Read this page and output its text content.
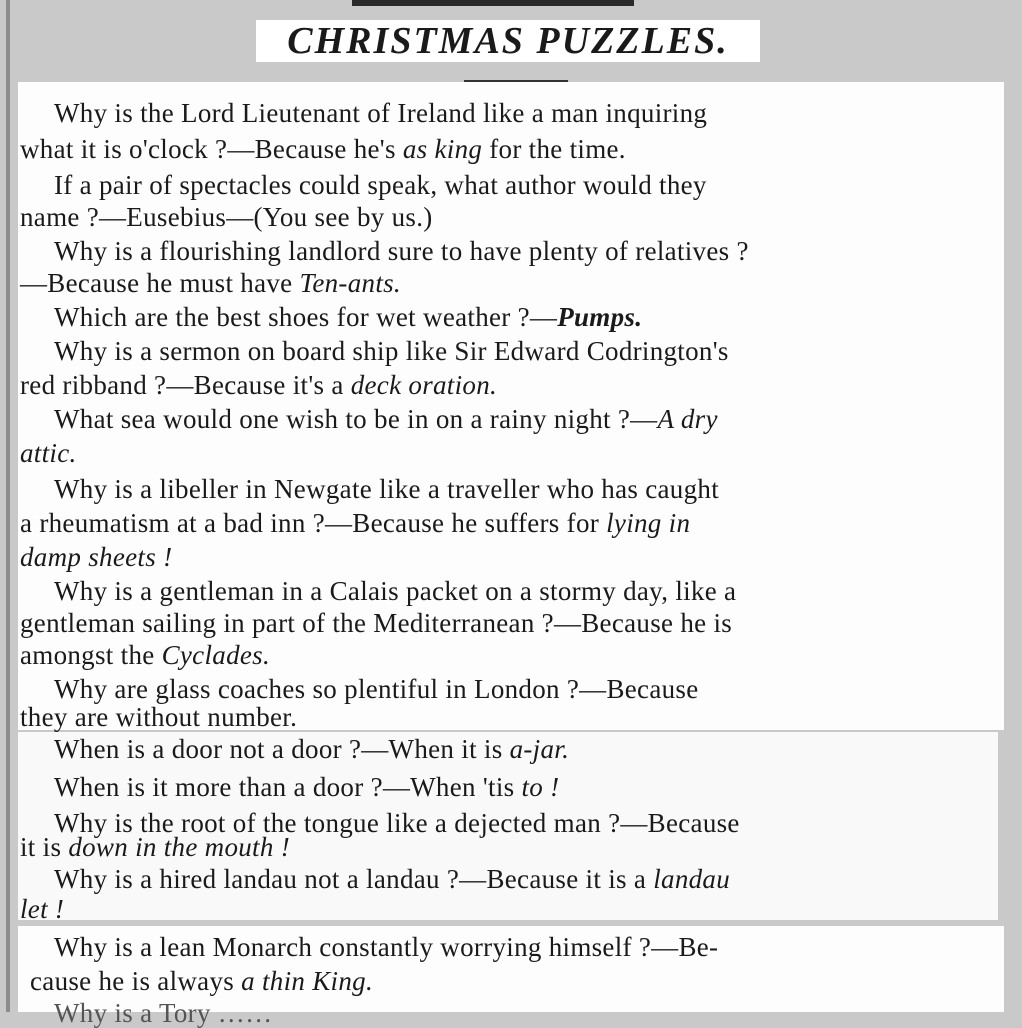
CHRISTMAS PUZZLES.
Why is the Lord Lieutenant of Ireland like a man inquiring
what it is o'clock ?—Because he's as king for the time.
If a pair of spectacles could speak, what author would they
name ?—Eusebius—(You see by us.)
Why is a flourishing landlord sure to have plenty of relatives ?
—Because he must have Ten-ants.
Which are the best shoes for wet weather ?—Pumps.
Why is a sermon on board ship like Sir Edward Codrington's
red ribband ?—Because it's a deck oration.
What sea would one wish to be in on a rainy night ?—A dry
attic.
Why is a libeller in Newgate like a traveller who has caught
a rheumatism at a bad inn ?—Because he suffers for lying in
damp sheets !
Why is a gentleman in a Calais packet on a stormy day, like a
gentleman sailing in part of the Mediterranean ?—Because he is
amongst the Cyclades.
Why are glass coaches so plentiful in London ?—Because
they are without number.
When is a door not a door ?—When it is a-jar.
When is it more than a door ?—When 'tis to !
Why is the root of the tongue like a dejected man ?—Because
it is down in the mouth !
Why is a hired landau not a landau ?—Because it is a landau
let !
Why is a lean Monarch constantly worrying himself ?—Be-
cause he is always a thin King.
Why is a Tory ……
